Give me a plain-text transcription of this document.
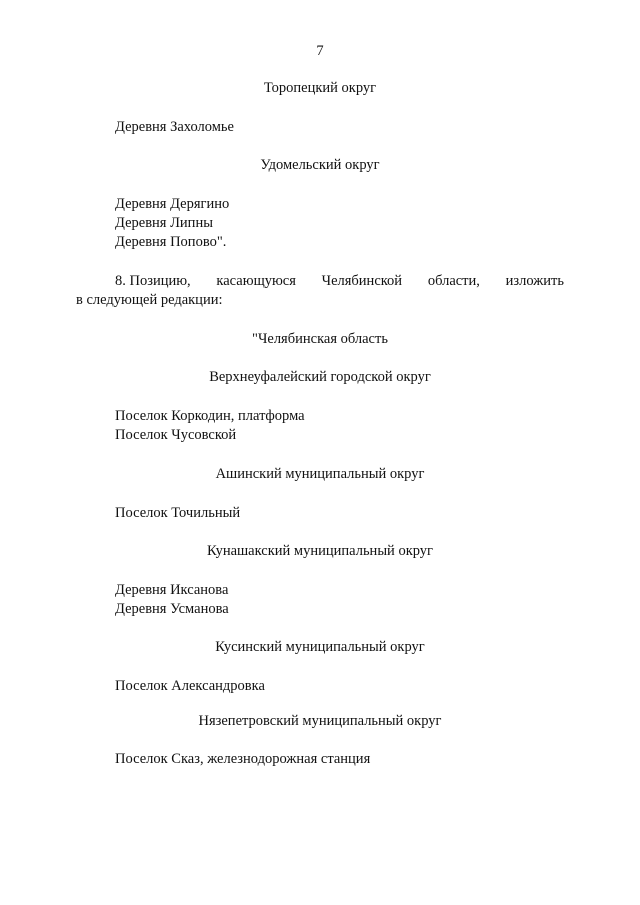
7
Торопецкий округ
Деревня Захоломье
Удомельский округ
Деревня Дерягино
Деревня Липны
Деревня Попово".
8. Позицию, касающуюся Челябинской области, изложить
в следующей редакции:
"Челябинская область
Верхнеуфалейский городской округ
Поселок Коркодин, платформа
Поселок Чусовской
Ашинский муниципальный округ
Поселок Точильный
Кунашакский муниципальный округ
Деревня Иксанова
Деревня Усманова
Кусинский муниципальный округ
Поселок Александровка
Нязепетровский муниципальный округ
Поселок Сказ, железнодорожная станция
